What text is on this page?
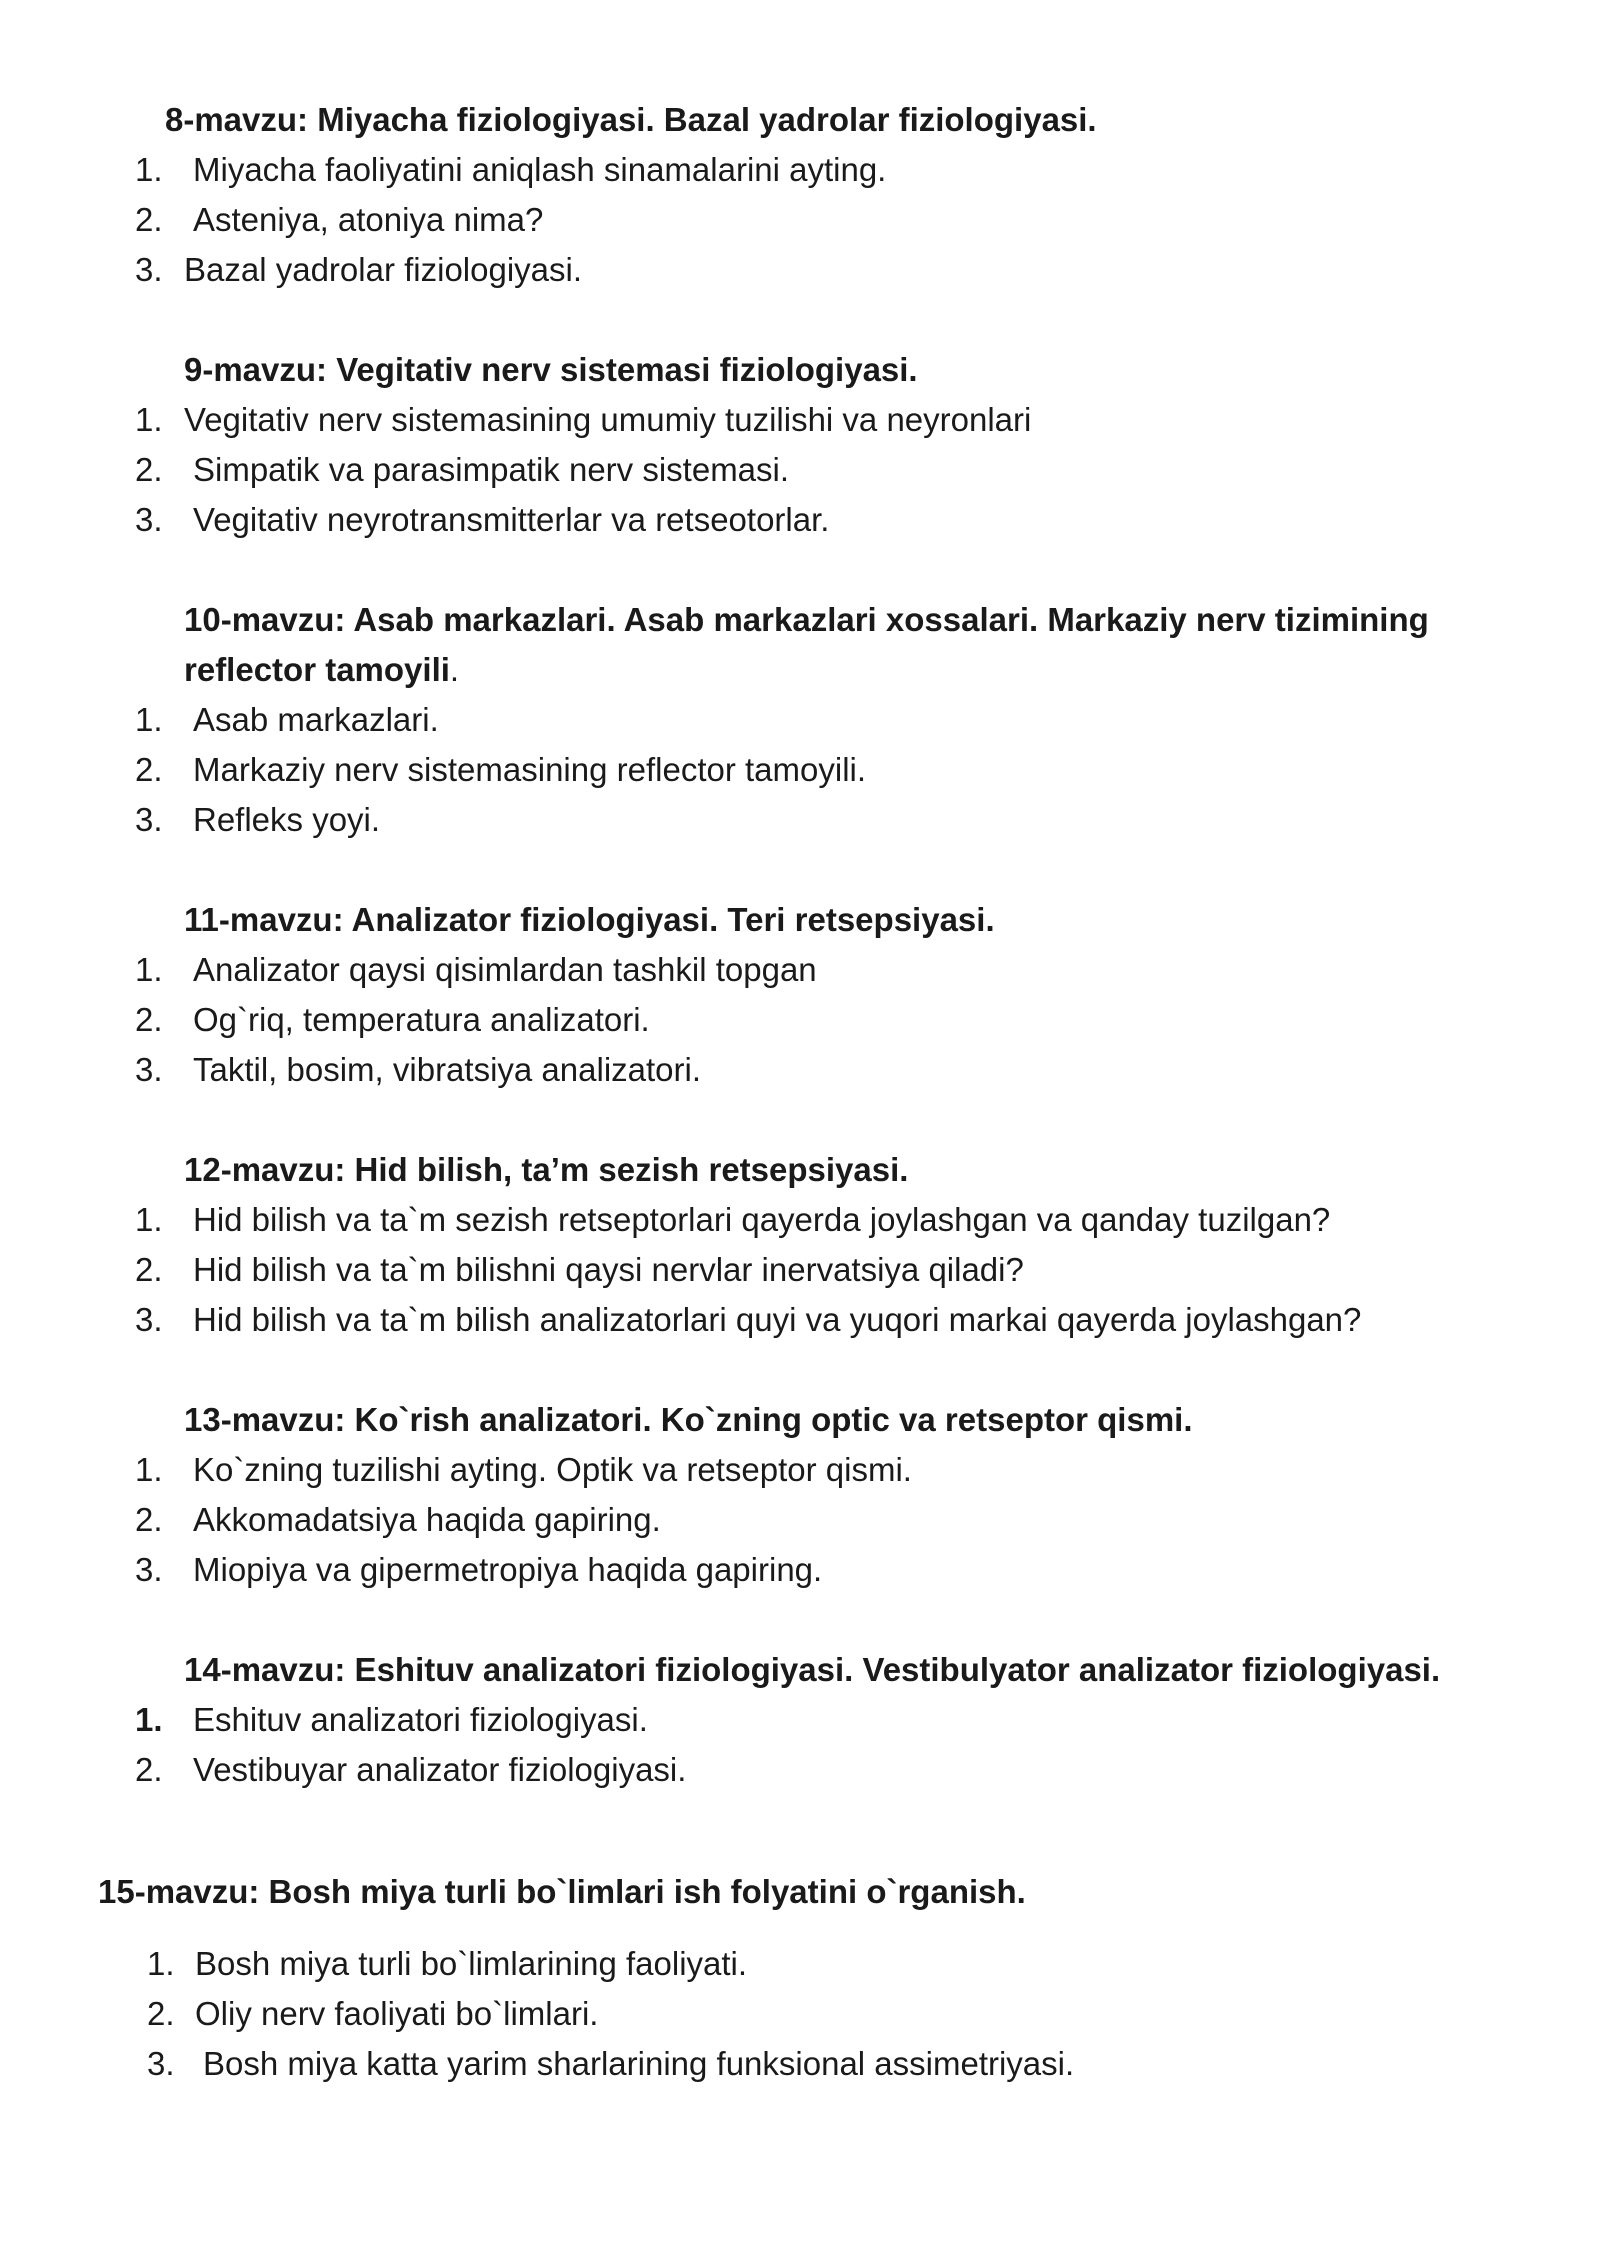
8-mavzu: Miyacha fiziologiyasi. Bazal yadrolar fiziologiyasi.
1. Miyacha faoliyatini aniqlash sinamalarini ayting.
2. Asteniya, atoniya nima?
3. Bazal yadrolar fiziologiyasi.
9-mavzu: Vegitativ nerv sistemasi fiziologiyasi.
1. Vegitativ nerv sistemasining umumiy tuzilishi va neyronlari
2. Simpatik va parasimpatik nerv sistemasi.
3. Vegitativ neyrotransmitterlar va retseotorlar.
10-mavzu: Asab markazlari. Asab markazlari xossalari. Markaziy nerv tizimining
reflector tamoyili.
1. Asab markazlari.
2. Markaziy nerv sistemasining reflector tamoyili.
3. Refleks yoyi.
11-mavzu: Analizator fiziologiyasi. Teri retsepsiyasi.
1. Analizator qaysi qisimlardan tashkil topgan
2. Og`riq, temperatura analizatori.
3. Taktil, bosim, vibratsiya analizatori.
12-mavzu: Hid bilish, ta’m sezish retsepsiyasi.
1. Hid bilish va ta`m sezish retseptorlari qayerda joylashgan va qanday tuzilgan?
2. Hid bilish va ta`m bilishni qaysi nervlar inervatsiya qiladi?
3. Hid bilish va ta`m bilish analizatorlari quyi va yuqori markai qayerda joylashgan?
13-mavzu: Ko`rish analizatori. Ko`zning optic va retseptor qismi.
1. Ko`zning tuzilishi ayting. Optik va retseptor qismi.
2. Akkomadatsiya haqida gapiring.
3. Miopiya va gipermetropiya haqida gapiring.
14-mavzu: Eshituv analizatori fiziologiyasi. Vestibulyator analizator fiziologiyasi.
1. Eshituv analizatori fiziologiyasi.
2. Vestibuyar analizator fiziologiyasi.
15-mavzu: Bosh miya turli bo`limlari ish folyatini o`rganish.
1. Bosh miya turli bo`limlarining faoliyati.
2. Oliy nerv faoliyati bo`limlari.
3. Bosh miya katta yarim sharlarining funksional assimetriyasi.
